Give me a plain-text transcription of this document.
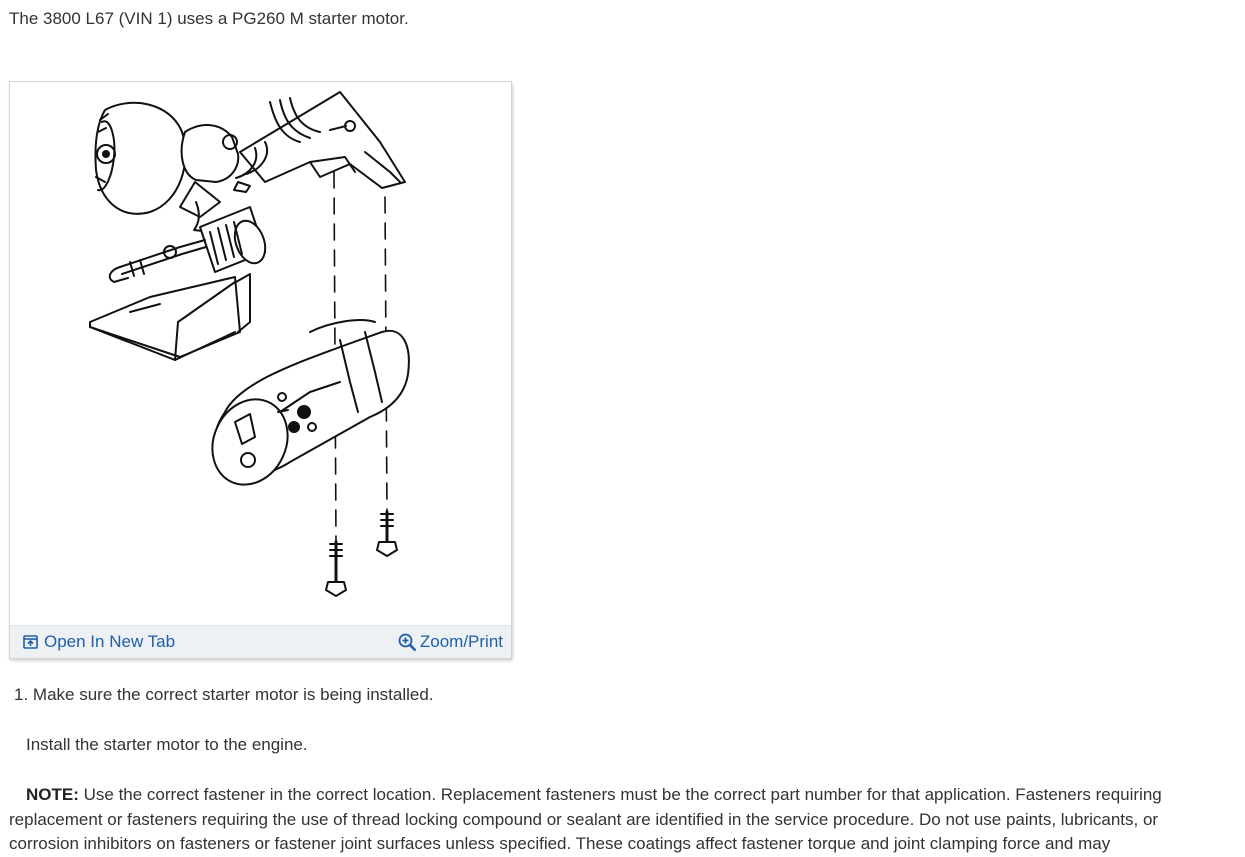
The 3800 L67 (VIN 1) uses a PG260 M starter motor.
Open In New Tab	Zoom/Print
1. Make sure the correct starter motor is being installed.
Install the starter motor to the engine.
NOTE: Use the correct fastener in the correct location. Replacement fasteners must be the correct part number for that application. Fasteners requiring replacement or fasteners requiring the use of thread locking compound or sealant are identified in the service procedure. Do not use paints, lubricants, or corrosion inhibitors on fasteners or fastener joint surfaces unless specified. These coatings affect fastener torque and joint clamping force and may
